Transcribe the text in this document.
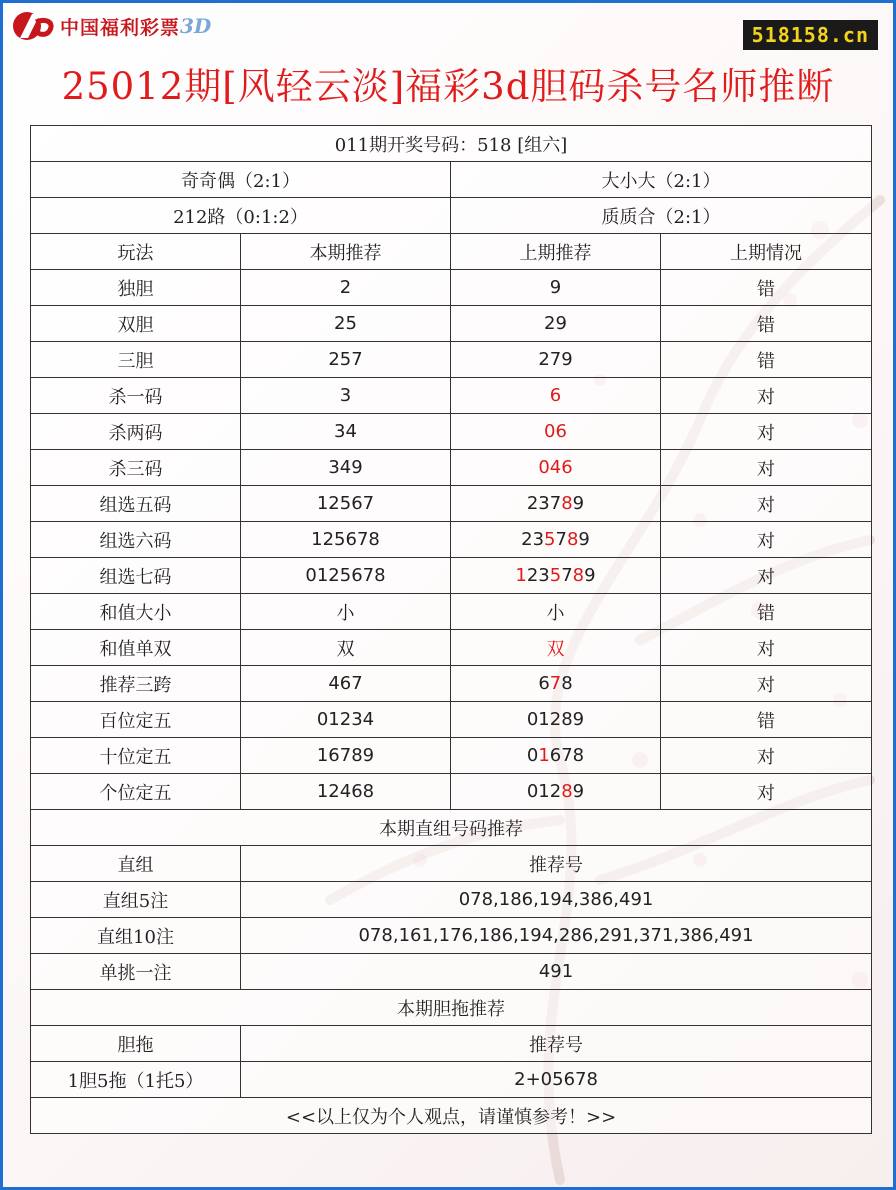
中国福利彩票 3D	518158.cn
25012期[风轻云淡]福彩3d胆码杀号名师推断
011期开奖号码：518 [组六]			
奇奇偶（2:1）		大小大（2:1）	
212路（0:1:2）		质质合（2:1）	
玩法	本期推荐	上期推荐	上期情况
独胆	2	9	错
双胆	25	29	错
三胆	257	279	错
杀一码	3	6	对
杀两码	34	06	对
杀三码	349	046	对
组选五码	12567	23789	对
组选六码	125678	235789	对
组选七码	0125678	1235789	对
和值大小	小	小	错
和值单双	双	双	对
推荐三跨	467	678	对
百位定五	01234	01289	错
十位定五	16789	01678	对
个位定五	12468	01289	对
本期直组号码推荐			
直组	推荐号		
直组5注	078,186,194,386,491		
直组10注	078,161,176,186,194,286,291,371,386,491		
单挑一注	491		
本期胆拖推荐			
胆拖	推荐号		
1胆5拖（1托5）	2+05678		
<<以上仅为个人观点，请谨慎参考！>>			
